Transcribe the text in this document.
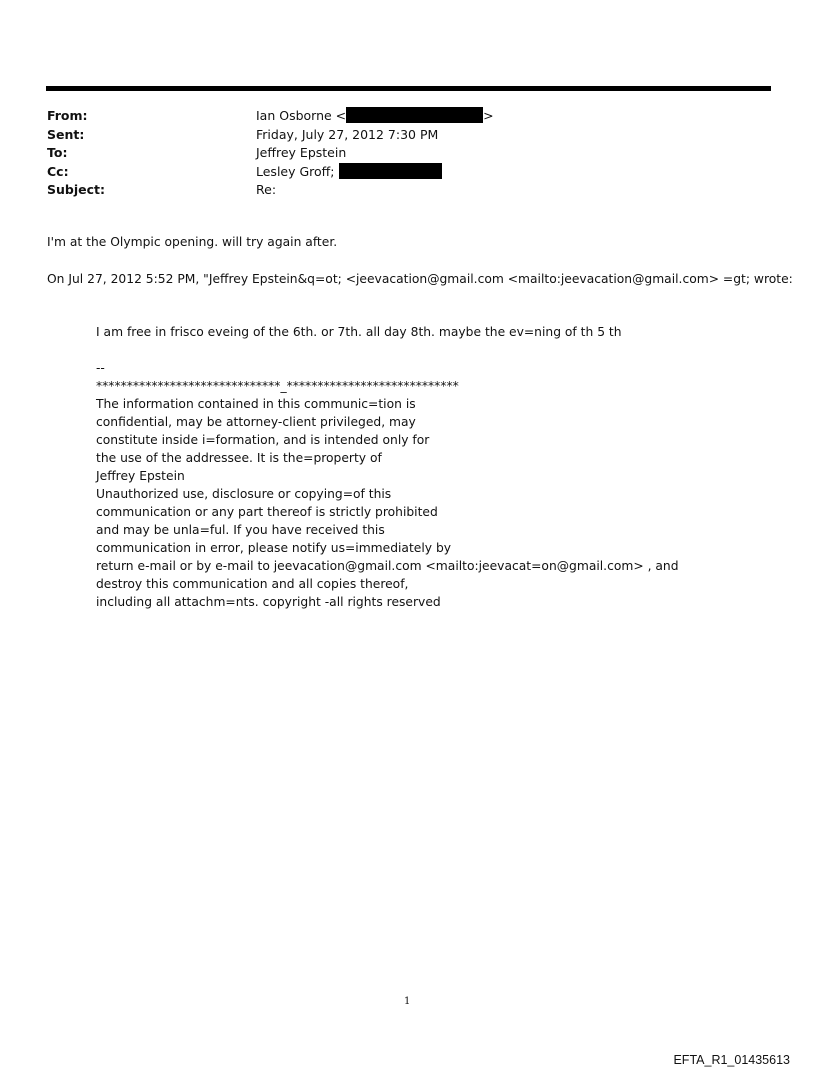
From:	Ian Osborne <	>
Sent:	Friday, July 27, 2012 7:30 PM
To:	Jeffrey Epstein
Cc:	Lesley Groff;
Subject:	Re:
I'm at the Olympic opening. will try again after.
On Jul 27, 2012 5:52 PM, "Jeffrey Epstein&q=ot; <jeevacation@gmail.com <mailto:jeevacation@gmail.com> =gt; wrote:
I am free in frisco eveing of the 6th. or 7th. all day 8th. maybe the ev=ning of th 5 th
--
******************************_****************************
The information contained in this communic=tion is
confidential, may be attorney-client privileged, may
constitute inside i=formation, and is intended only for
the use of the addressee. It is the=property of
Jeffrey Epstein
Unauthorized use, disclosure or copying=of this
communication or any part thereof is strictly prohibited
and may be unla=ful. If you have received this
communication in error, please notify us=immediately by
return e-mail or by e-mail to jeevacation@gmail.com <mailto:jeevacat=on@gmail.com> , and
destroy this communication and all copies thereof,
including all attachm=nts. copyright -all rights reserved
1
EFTA_R1_01435613
